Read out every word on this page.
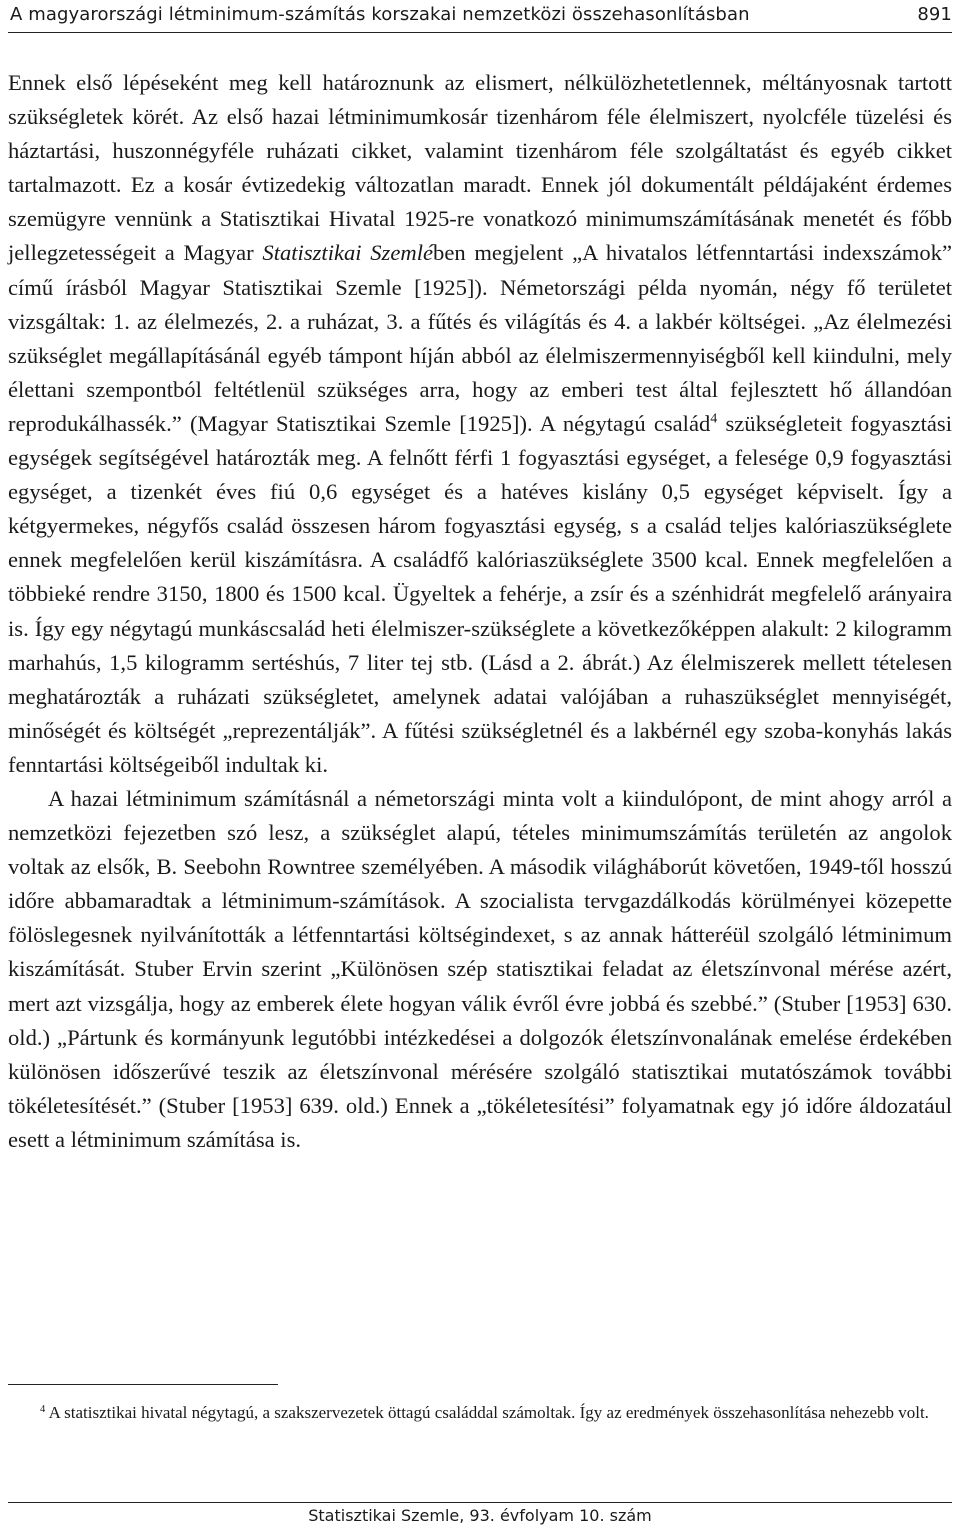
A magyarországi létminimum-számítás korszakai nemzetközi összehasonlításban	891

Ennek első lépéseként meg kell határoznunk az elismert, nélkülözhetetlennek, méltányosnak tartott szükségletek körét. Az első hazai létminimumkosár tizenhárom féle élelmiszert, nyolcféle tüzelési és háztartási, huszonnégyféle ruházati cikket, valamint tizenhárom féle szolgáltatást és egyéb cikket tartalmazott. Ez a kosár évtizedekig változatlan maradt. Ennek jól dokumentált példájaként érdemes szemügyre vennünk a Statisztikai Hivatal 1925-re vonatkozó minimumszámításának menetét és főbb jellegzetességeit a Magyar Statisztikai Szemlében megjelent „A hivatalos létfenntartási indexszámok” című írásból Magyar Statisztikai Szemle [1925]). Németországi példa nyomán, négy fő területet vizsgáltak: 1. az élelmezés, 2. a ruházat, 3. a fűtés és világítás és 4. a lakbér költségei. „Az élelmezési szükséglet megállapításánál egyéb támpont híján abból az élelmiszermennyiségből kell kiindulni, mely élettani szempontból feltétlenül szükséges arra, hogy az emberi test által fejlesztett hő állandóan reprodukálhassék.” (Magyar Statisztikai Szemle [1925]). A négytagú család$^4$ szükségleteit fogyasztási egységek segítségével határozták meg. A felnőtt férfi 1 fogyasztási egységet, a felesége 0,9 fogyasztási egységet, a tizenkét éves fiú 0,6 egységet és a hatéves kislány 0,5 egységet képviselt. Így a kétgyermekes, négyfős család összesen három fogyasztási egység, s a család teljes kalóriaszükséglete ennek megfelelően kerül kiszámításra. A családfő kalóriaszükséglete 3500 kcal. Ennek megfelelően a többieké rendre 3150, 1800 és 1500 kcal. Ügyeltek a fehérje, a zsír és a szénhidrát megfelelő arányaira is. Így egy négytagú munkáscsalád heti élelmiszer-szükséglete a következőképpen alakult: 2 kilogramm marhahús, 1,5 kilogramm sertéshús, 7 liter tej stb. (Lásd a 2. ábrát.) Az élelmiszerek mellett tételesen meghatározták a ruházati szükségletet, amelynek adatai valójában a ruhaszükséglet mennyiségét, minőségét és költségét „reprezentálják”. A fűtési szükségletnél és a lakbérnél egy szoba-konyhás lakás fenntartási költségeiből indultak ki.

A hazai létminimum számításnál a németországi minta volt a kiindulópont, de mint ahogy arról a nemzetközi fejezetben szó lesz, a szükséglet alapú, tételes minimumszámítás területén az angolok voltak az elsők, B. Seebohn Rowntree személyében. A második világháborút követően, 1949-től hosszú időre abbamaradtak a létminimum-számítások. A szocialista tervgazdálkodás körülményei közepette fölöslegesnek nyilvánították a létfenntartási költségindexet, s az annak hátteréül szolgáló létminimum kiszámítását. Stuber Ervin szerint „Különösen szép statisztikai feladat az életszínvonal mérése azért, mert azt vizsgálja, hogy az emberek élete hogyan válik évről évre jobbá és szebbé.” (Stuber [1953] 630. old.) „Pártunk és kormányunk legutóbbi intézkedései a dolgozók életszínvonalának emelése érdekében különösen időszerűvé teszik az életszínvonal mérésére szolgáló statisztikai mutatószámok további tökéletesítését.” (Stuber [1953] 639. old.) Ennek a „tökéletesítési” folyamatnak egy jó időre áldozatául esett a létminimum számítása is.

$^4$ A statisztikai hivatal négytagú, a szakszervezetek öttagú családdal számoltak. Így az eredmények összehasonlítása nehezebb volt.
Statisztikai Szemle, 93. évfolyam 10. szám
